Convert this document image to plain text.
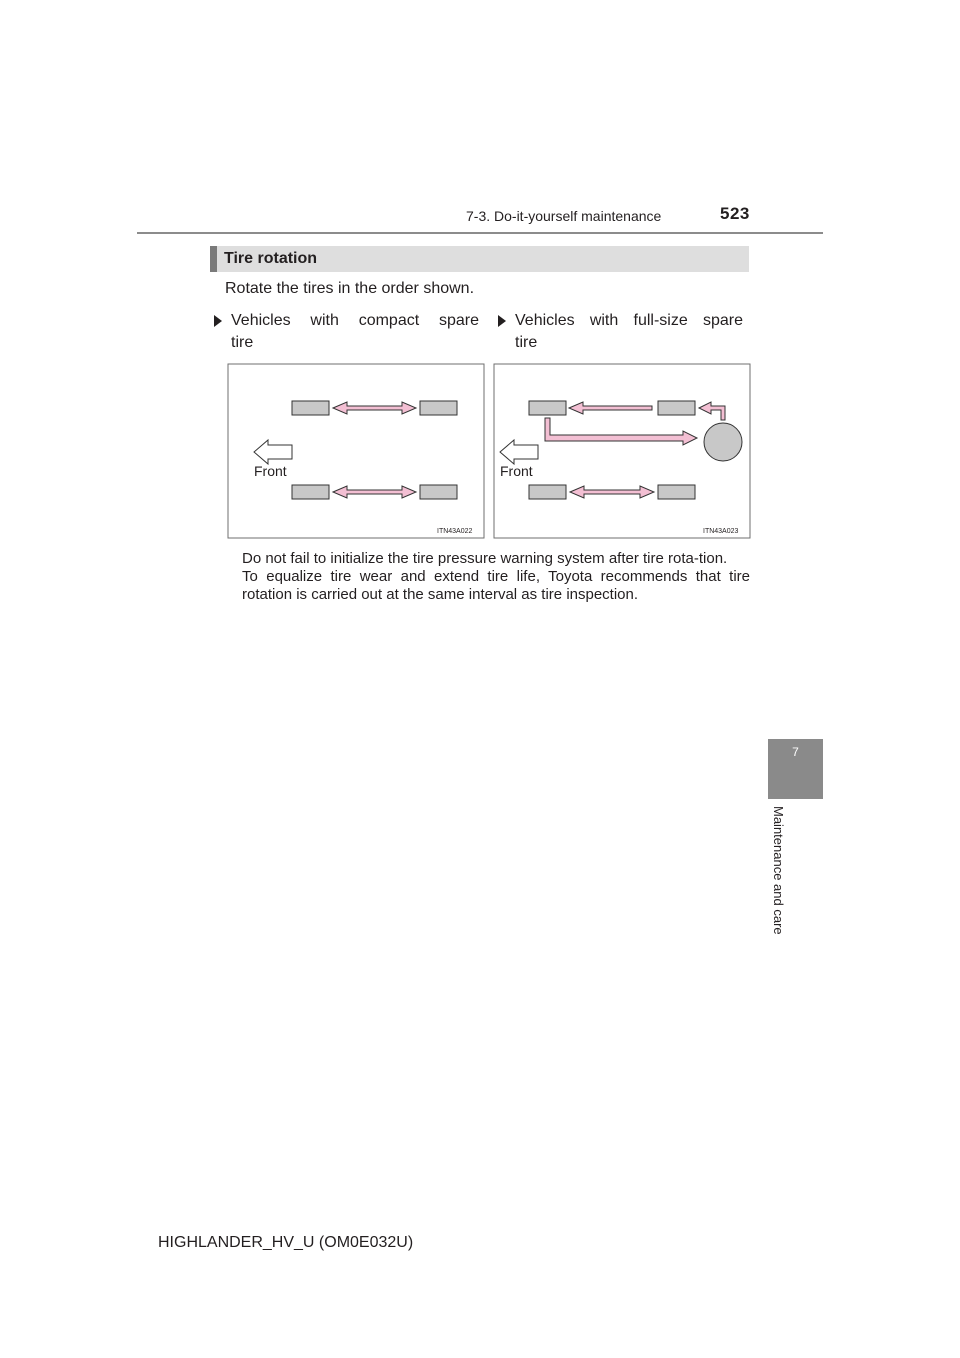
7-3. Do-it-yourself maintenance	523
Tire rotation
Rotate the tires in the order shown.
Vehicles with compact spare
tire
Vehicles with full-size spare
tire
Front
ITN43A022
Front
ITN43A023

Do not fail to initialize the tire pressure warning system after tire rota-tion.

To equalize tire wear and extend tire life, Toyota recommends that tire rotation is carried out at the same interval as tire inspection.

7
Maintenance and care
HIGHLANDER_HV_U (OM0E032U)
